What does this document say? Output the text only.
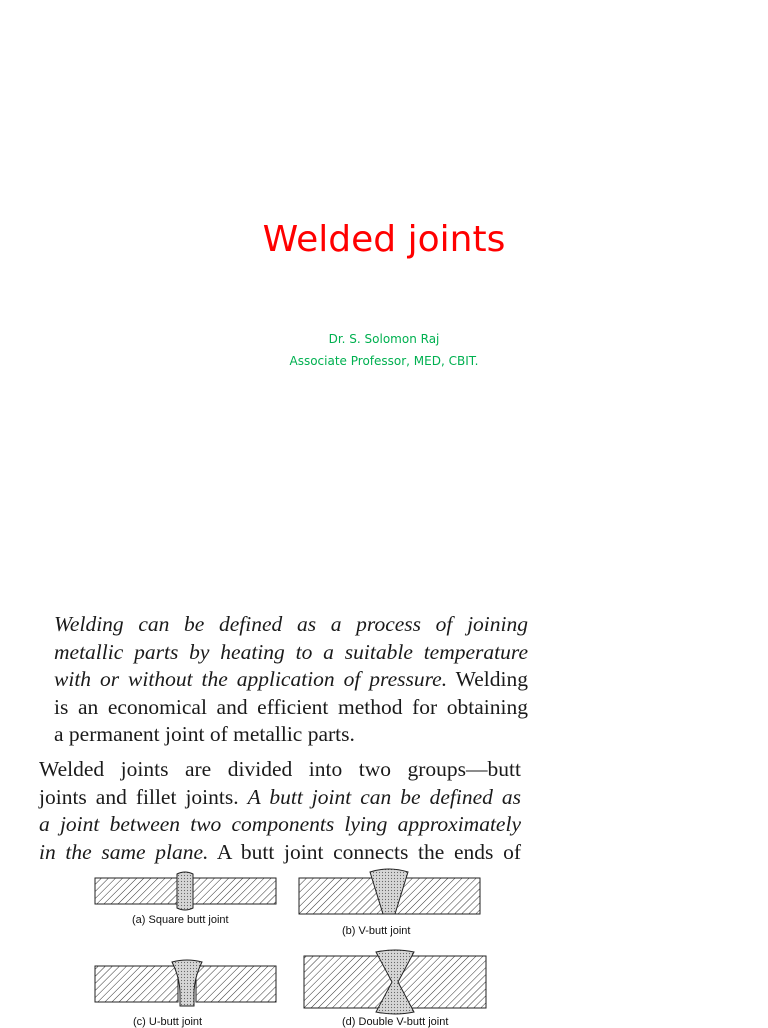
Welded joints
Dr. S. Solomon Raj
Associate Professor, MED, CBIT.
Welding can be defined as a process of joining
metallic parts by heating to a suitable temperature
with or without the application of pressure. Welding
is an economical and efficient method for obtaining
a permanent joint of metallic parts.
Welded joints are divided into two groups—butt
joints and fillet joints. A butt joint can be defined as
a joint between two components lying approximately
in the same plane. A butt joint connects the ends of
(a) Square butt joint
(b) V-butt joint
(c) U-butt joint	(d) Double V-butt joint
